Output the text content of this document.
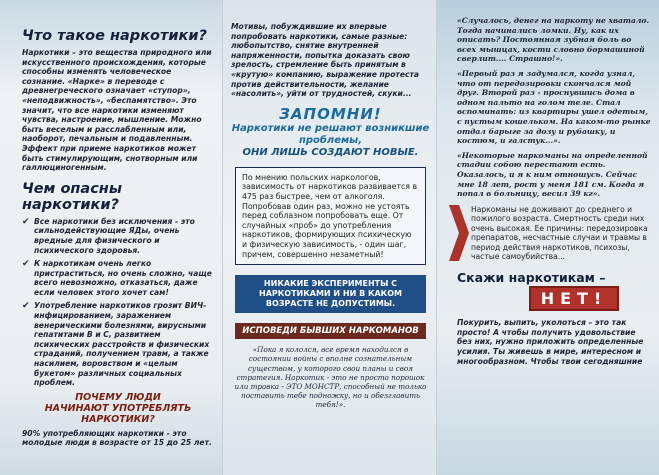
Что такое наркотики?

Наркотики – это вещества природного или искусственного происхождения, которые способны изменять человеческое сознание. «Нарке» в переводе с древнегреческого означает «ступор», «неподвижность», «беспамятство». Это значит, что все наркотики изменяют чувства, настроение, мышление. Можно быть веселым и расслабленным или, наоборот, печальным и подавленным. Эффект при приеме наркотиков может быть стимулирующим, снотворным или галлюциногенным.

Чем опасны наркотики?
✔ Все наркотики без исключения - это сильнодействующие ЯДы, очень вредные для физического и психического здоровья.

✔ К наркотикам очень легко пристраститься, но очень сложно, чаще всего невозможно, отказаться, даже если человек этого хочет сам!

✔ Употребление наркотиков грозит ВИЧ-инфицированием, заражением венерическими болезнями, вирусными гепатитами В и С, развитием психических расстройств и физических страданий, получением травм, а также насилием, воровством и «целым букетом» различных социальных проблем.

ПОЧЕМУ ЛЮДИ
НАЧИНАЮТ УПОТРЕБЛЯТЬ НАРКОТИКИ?

90% употребляющих наркотики - это молодые люди в возрасте от 15 до 25 лет.

Мотивы, побуждившие их впервые попробовать наркотики, самые разные: любопытство, снятие внутренней напряженности, попытка доказать свою зрелость, стремление быть принятым в «крутую» компанию, выражение протеста против действительности, желание «насолить», уйти от трудностей, скуки...

ЗАПОМНИ!
Наркотики не решают возникшие проблемы,
ОНИ ЛИШЬ СОЗДАЮТ НОВЫЕ.

По мнению польских наркологов, зависимость от наркотиков развивается в 475 раз быстрее, чем от алкоголя. Попробовав один раз, можно не устоять перед соблазном попробовать еще. От случайных «проб» до употребления наркотиков, формирующих психическую и физическую зависимость, - один шаг, причем, совершенно незаметный!

НИКАКИЕ ЭКСПЕРИМЕНТЫ С НАРКОТИКАМИ И НИ В КАКОМ ВОЗРАСТЕ НЕ ДОПУСТИМЫ.
ИСПОВЕДИ БЫВШИХ НАРКОМАНОВ

«Пока я кололся, все время находился в состоянии войны с вполне сознательным существом, у которого свои планы и своя стратегия. Наркотик - это не просто порошок или травка - ЭТО МОНСТР, способный не только поставить тебе подножку, но и обезглавить тебя!».

«Случалось, денег на наркоту не хватало. Тогда начинались ломки. Ну, как их описать? Постоянная зубная боль во всех мышцах, кости словно бормашиной сверлит.... Страшно!».

«Первый раз я задумался, когда узнал, что от передозировки скончался мой друг. Второй раз - проснувшись дома в одном пальто на голом теле. Стал вспоминать: из квартиры ушел одетым, с пустым кошельком. На каком-то рынке отдал барыге за дозу и рубашку, и костюм, и галстук...».

«Некоторые наркоманы на определенной стадии собою перестают есть. Оказалось, и я к ним отношусь. Сейчас мне 18 лет, рост у меня 181 см. Когда я попал в больницу, весил 39 кг».

Наркоманы не доживают до среднего и пожилого возраста. Смертность среди них очень высокая. Ее причины: передозировка препаратов, несчастные случаи и травмы в период действия наркотиков, психозы, частые самоубийства...

Скажи наркотикам –
НЕТ!

Покурить, выпить, уколоться – это так просто! А чтобы получить удовольствие без них, нужно приложить определенные усилия. Ты живешь в мире, интересном и многообразном. Чтобы твои сегодняшние
